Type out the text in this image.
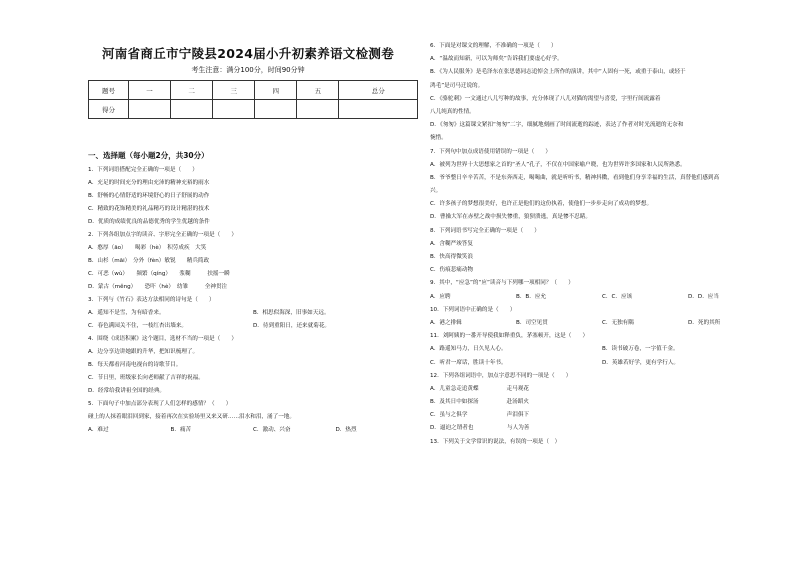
河南省商丘市宁陵县2024届小升初素养语文检测卷
考生注意：满分100分，时间90分钟
题号	一	二	三	四	五	总分
得分						
一、选择题（每小题2分，共30分）
1．下列词语搭配完全正确的一项是（　　）
A．充足的时间充分的理由充沛的精神充裕的雨水
B．舒畅的心情舒适的环境舒心的日子舒展的动作
C．精致的花饰精美的礼品精巧的设计精湛的技术
D．优质的成绩优良的品德优秀的学生优越的条件
2．下列各组加点字的读音、字形完全正确的一项是（　　）
A．憨厚（āo）　　喝彩（hè）　积劳成疾　大笑
B．山杉（māi）　分外（fèn）敏锐　　精兵简政
C．可恶（wù）　　频繁（qíng）　　浆糊　　　扶摇一瞬
D．蒙古（měng）　　恐吓（hè）　幼雏　　　全神贯注
3．下列与《竹石》表达方法相同的诗句是（　　）
A．遥知不是雪，为有暗香来。	B．相思似海深，旧事如天远。
C．春色满园关不住，一枝红杏出墙来。	D．待到重阳日，还来就菊花。
4．围绕《成语积累》这个题目，选材不当的一项是（　　）
A．边分享边讲她跟的升华，把知识梳理了。
B．每天都看河南电视台的诗歌节目。
C．节日里，班级家长向老师献了吉祥的祝福。
D．经常给我讲祖全国的经典。
5．下面句子中加点部分表现了人们怎样的感情？（　　）
碰上的人抹着眼泪回到家，接着再次在实验场里又来又研……泪水和泪，涌了一地。
A．难过	B．痛苦	C．激动、兴奋	D．热烈
6．下面是对课文的理解，不准确的一项是（　　）
A．“温故而知新，可以为师矣”告诉我们要虚心好学。
B．《为人民服务》是毛泽东在张思德同志追悼会上所作的演讲，其中“人固有一死，或重于泰山，或轻于
鸿毛”是司马迁说的。
C．《骆驼刺》一文通过八儿写种的故事，充分体现了八儿对猫的渴望与喜爱，字里行间流露着
八儿纯真的性情。
D．《匆匆》这篇课文紧扣“匆匆”二字，细腻地刻画了时间流逝的踪迹，表达了作者对时光流逝的无奈和
惋惜。
7．下列句中加点成语使用错误的一项是（　　）
A．被列为世界十大思想家之首的“圣人”孔子，不仅在中国家喻户晓，也为世界许多国家和人民所熟悉。
B．爷爷整日辛辛苦苦，不是东奔西走，喝喝曲，就是听听书，精神抖擞，看到他们身享幸福的生活，真替他们感到高
兴。
C．许多孩子的梦想很美好，也许正是他们的这份执着，使他们一步步走向了成功的梦想。
D．曹操大军在赤壁之战中损失惨重，狼狈溃逃，真是惨不忍睹。
8．下列词语书写完全正确的一项是（　　）
A．含糊严竣答复
B．快高得微笑浪
C．伤痕悲痛动物
9．其中，“应急”的“应”读音与下列哪一项相同？（　　）
A．应聘	B．B．应允	C．C．应该	D．D．应当
10．下列词语中正确的是（　　）
A．港之排辑	B．司空见贯	C．无独有隅	D．死的其所
11．刘阿姨的一番开导使我如释重负，茅塞顿开，这是（　　）
A．路遥知马力，日久见人心。	B．读书破万卷，一字值千金。
C．听君一席话，胜读十年书。	D．英雄若好学，更有学行人。
12．下列各组词语中，加点字意思不同的一项是（　　）
A．儿童急走追黄蝶　　　　　走马观花
B．及其日中如探汤　　　　　赴汤蹈火
C．虽与之俱学　　　　　　　声泪俱下
D．逼迫之谓者也　　　　　　与人为善
13．下列关于文学常识的说法，有误的一项是（　）
